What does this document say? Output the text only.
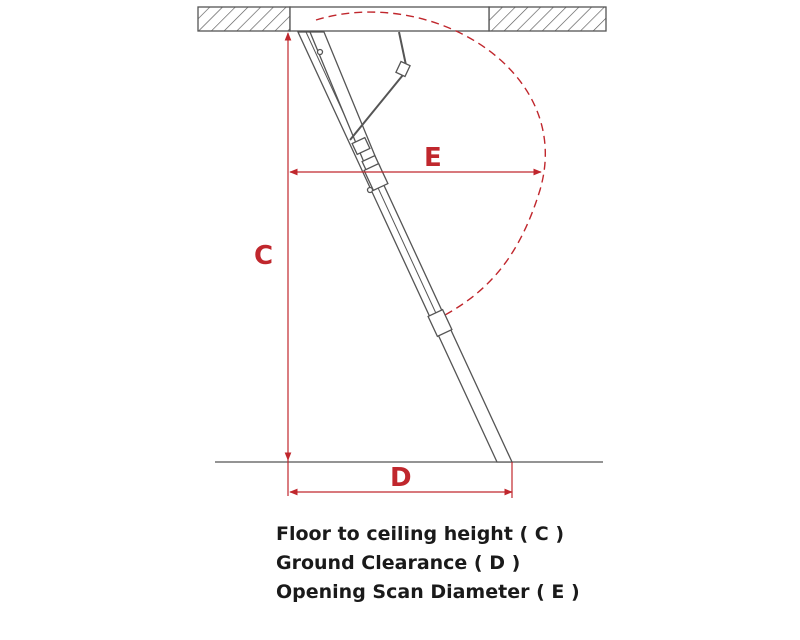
C
E
D
Floor to ceiling height ( C )
Ground Clearance ( D )
Opening Scan Diameter ( E )
